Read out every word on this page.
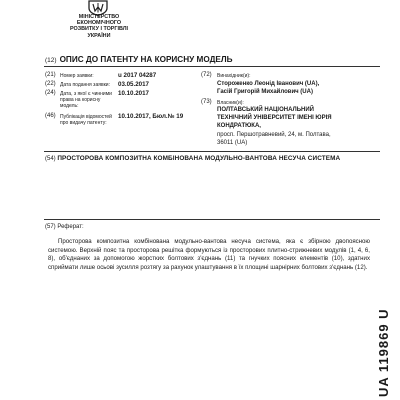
МІНІСТЕРСТВО
ЕКОНОМІЧНОГО
РОЗВИТКУ І ТОРГІВЛІ
УКРАЇНИ
(12) ОПИС ДО ПАТЕНТУ НА КОРИСНУ МОДЕЛЬ
(21) Номер заявки:	u 2017 04287
(22) Дата подання заявки: 03.05.2017
(24) Дата, з якої є чинними
права на корисну
модель:
10.10.2017
(46) Публікація відомостей
про видачу патенту:
10.10.2017, Бюл.№ 19
(72) Винахідник(и):
Стороженко Леонід Іванович (UA),
Гасій Григорій Михайлович (UA)
(73) Власник(и):
ПОЛТАВСЬКИЙ НАЦІОНАЛЬНИЙ
ТЕХНІЧНИЙ УНІВЕРСИТЕТ ІМЕНІ ЮРІЯ
КОНДРАТЮКА,
просп. Першотравневий, 24, м. Полтава,
36011 (UA)
(54) ПРОСТОРОВА КОМПОЗИТНА КОМБІНОВАНА МОДУЛЬНО-ВАНТОВА НЕСУЧА СИСТЕМА
(57) Реферат:
Просторова композитна комбінована модульно-вантова несуча система, яка є збірною двопоясною системою. Верхній пояс та просторова решітка формуються із просторових плитно-стрижневих модулів (1, 4, 6, 8), об'єднаних за допомогою жорстких болтових з'єднань (11) та гнучких поясних елементів (10), здатних сприймати лише осьові зусилля розтягу за рахунок улаштування в їх площині шарнірних болтових з'єднань (12).
UA 119869 U
